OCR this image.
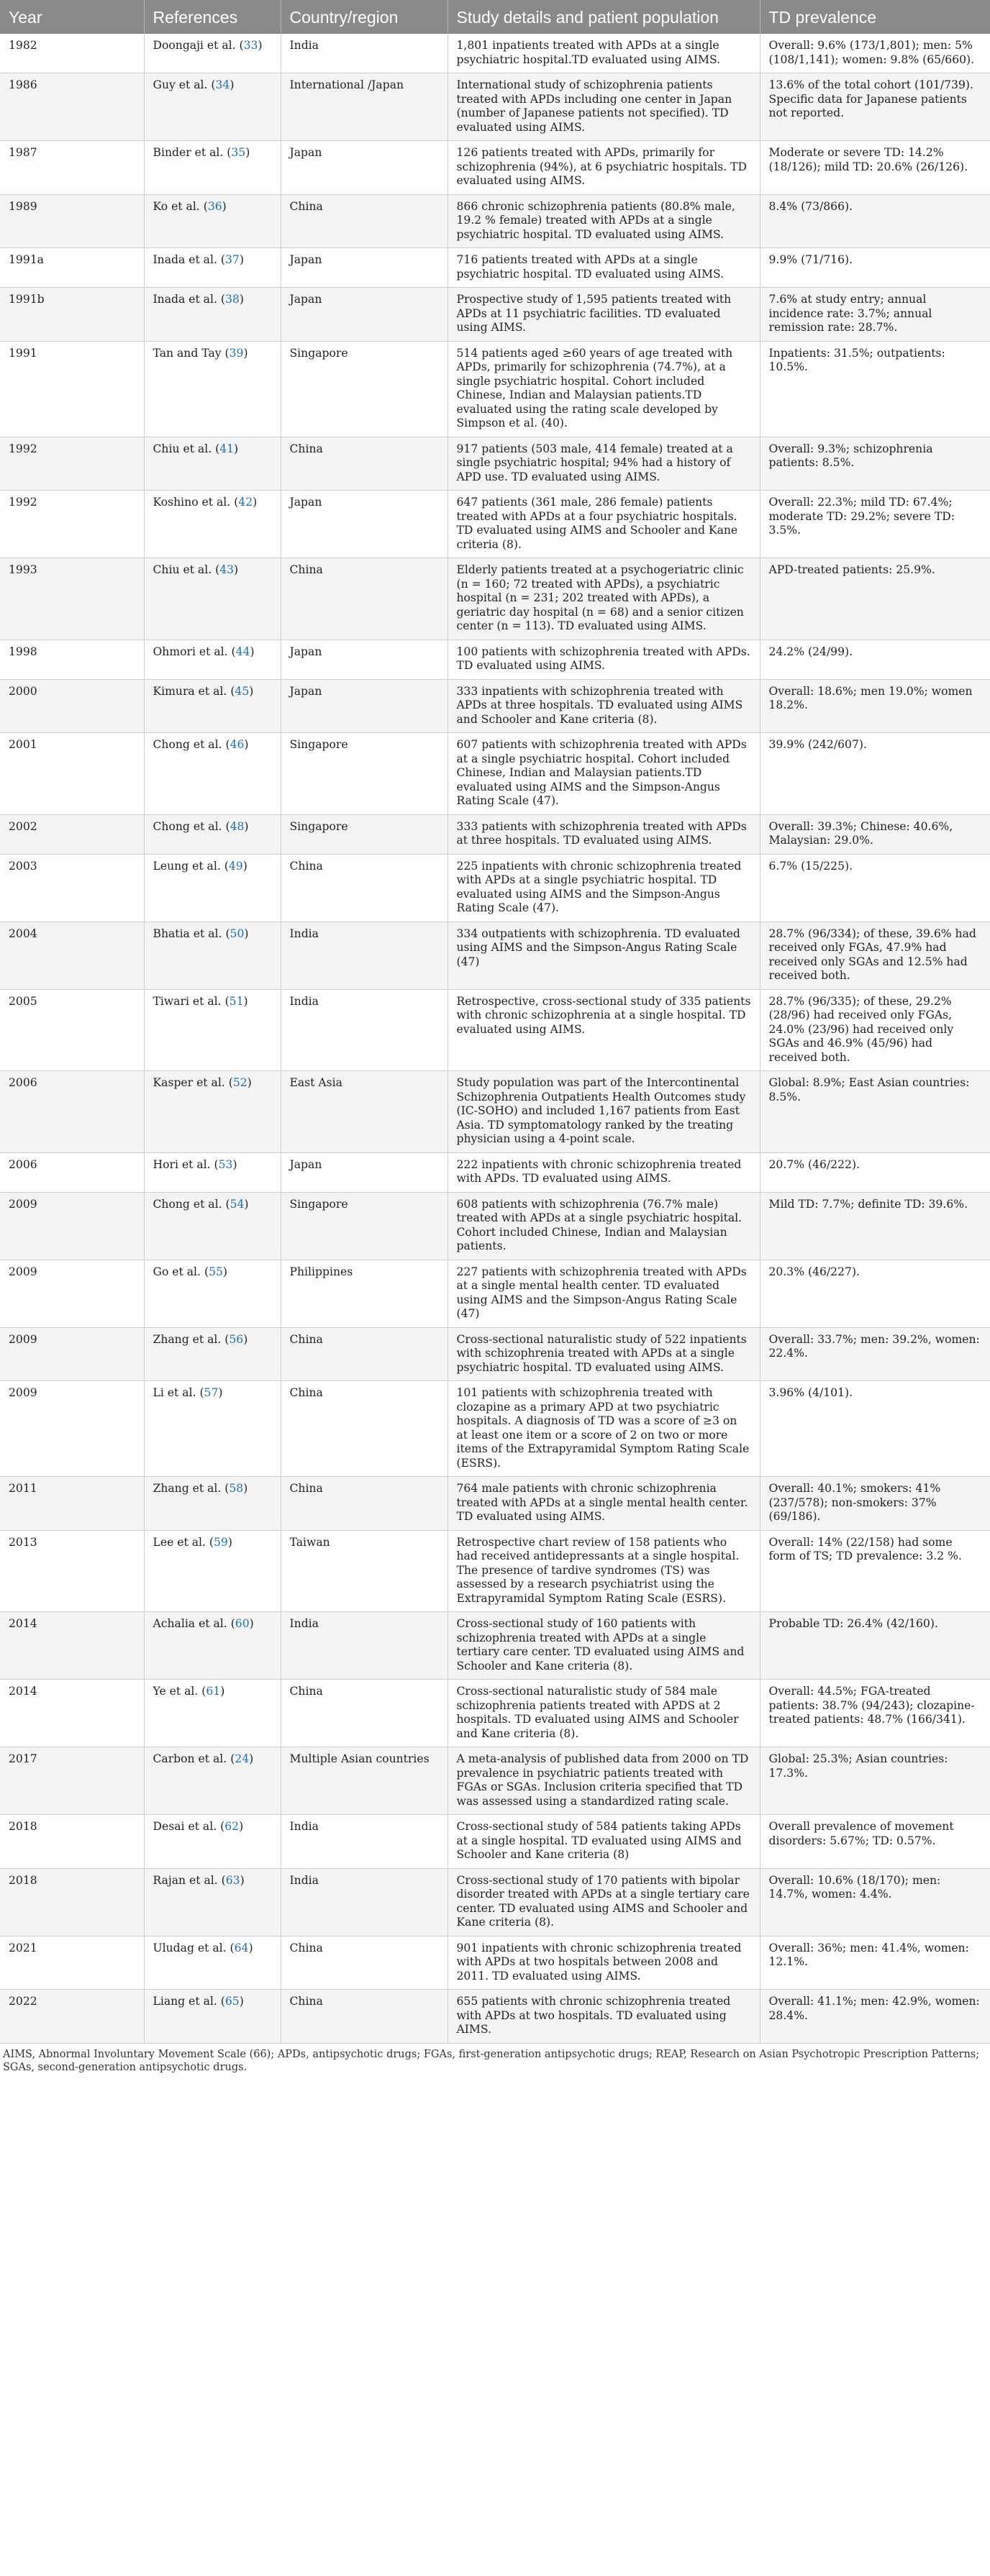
Year	References	Country/region	Study details and patient population	TD prevalence
1982	Doongaji et al. (33)	India	1,801 inpatients treated with APDs at a single psychiatric hospital.TD evaluated using AIMS.	Overall: 9.6% (173/1,801); men: 5% (108/1,141); women: 9.8% (65/660).
1986	Guy et al. (34)	International /Japan	International study of schizophrenia patients treated with APDs including one center in Japan (number of Japanese patients not specified). TD evaluated using AIMS.	13.6% of the total cohort (101/739). Specific data for Japanese patients not reported.
1987	Binder et al. (35)	Japan	126 patients treated with APDs, primarily for schizophrenia (94%), at 6 psychiatric hospitals. TD evaluated using AIMS.	Moderate or severe TD: 14.2% (18/126); mild TD: 20.6% (26/126).
1989	Ko et al. (36)	China	866 chronic schizophrenia patients (80.8% male, 19.2 % female) treated with APDs at a single psychiatric hospital. TD evaluated using AIMS.	8.4% (73/866).
1991a	Inada et al. (37)	Japan	716 patients treated with APDs at a single psychiatric hospital. TD evaluated using AIMS.	9.9% (71/716).
1991b	Inada et al. (38)	Japan	Prospective study of 1,595 patients treated with APDs at 11 psychiatric facilities. TD evaluated using AIMS.	7.6% at study entry; annual incidence rate: 3.7%; annual remission rate: 28.7%.
1991	Tan and Tay (39)	Singapore	514 patients aged ≥60 years of age treated with APDs, primarily for schizophrenia (74.7%), at a single psychiatric hospital. Cohort included Chinese, Indian and Malaysian patients.TD evaluated using the rating scale developed by Simpson et al. (40).	Inpatients: 31.5%; outpatients: 10.5%.
1992	Chiu et al. (41)	China	917 patients (503 male, 414 female) treated at a single psychiatric hospital; 94% had a history of APD use. TD evaluated using AIMS.	Overall: 9.3%; schizophrenia patients: 8.5%.
1992	Koshino et al. (42)	Japan	647 patients (361 male, 286 female) patients treated with APDs at a four psychiatric hospitals. TD evaluated using AIMS and Schooler and Kane criteria (8).	Overall: 22.3%; mild TD: 67.4%; moderate TD: 29.2%; severe TD: 3.5%.
1993	Chiu et al. (43)	China	Elderly patients treated at a psychogeriatric clinic (n = 160; 72 treated with APDs), a psychiatric hospital (n = 231; 202 treated with APDs), a geriatric day hospital (n = 68) and a senior citizen center (n = 113). TD evaluated using AIMS.	APD-treated patients: 25.9%.
1998	Ohmori et al. (44)	Japan	100 patients with schizophrenia treated with APDs. TD evaluated using AIMS.	24.2% (24/99).
2000	Kimura et al. (45)	Japan	333 inpatients with schizophrenia treated with APDs at three hospitals. TD evaluated using AIMS and Schooler and Kane criteria (8).	Overall: 18.6%; men 19.0%; women 18.2%.
2001	Chong et al. (46)	Singapore	607 patients with schizophrenia treated with APDs at a single psychiatric hospital. Cohort included Chinese, Indian and Malaysian patients.TD evaluated using AIMS and the Simpson-Angus Rating Scale (47).	39.9% (242/607).
2002	Chong et al. (48)	Singapore	333 patients with schizophrenia treated with APDs at three hospitals. TD evaluated using AIMS.	Overall: 39.3%; Chinese: 40.6%, Malaysian: 29.0%.
2003	Leung et al. (49)	China	225 inpatients with chronic schizophrenia treated with APDs at a single psychiatric hospital. TD evaluated using AIMS and the Simpson-Angus Rating Scale (47).	6.7% (15/225).
2004	Bhatia et al. (50)	India	334 outpatients with schizophrenia. TD evaluated using AIMS and the Simpson-Angus Rating Scale (47)	28.7% (96/334); of these, 39.6% had received only FGAs, 47.9% had received only SGAs and 12.5% had received both.
2005	Tiwari et al. (51)	India	Retrospective, cross-sectional study of 335 patients with chronic schizophrenia at a single hospital. TD evaluated using AIMS.	28.7% (96/335); of these, 29.2% (28/96) had received only FGAs, 24.0% (23/96) had received only SGAs and 46.9% (45/96) had received both.
2006	Kasper et al. (52)	East Asia	Study population was part of the Intercontinental Schizophrenia Outpatients Health Outcomes study (IC-SOHO) and included 1,167 patients from East Asia. TD symptomatology ranked by the treating physician using a 4-point scale.	Global: 8.9%; East Asian countries: 8.5%.
2006	Hori et al. (53)	Japan	222 inpatients with chronic schizophrenia treated with APDs. TD evaluated using AIMS.	20.7% (46/222).
2009	Chong et al. (54)	Singapore	608 patients with schizophrenia (76.7% male) treated with APDs at a single psychiatric hospital. Cohort included Chinese, Indian and Malaysian patients.	Mild TD: 7.7%; definite TD: 39.6%.
2009	Go et al. (55)	Philippines	227 patients with schizophrenia treated with APDs at a single mental health center. TD evaluated using AIMS and the Simpson-Angus Rating Scale (47)	20.3% (46/227).
2009	Zhang et al. (56)	China	Cross-sectional naturalistic study of 522 inpatients with schizophrenia treated with APDs at a single psychiatric hospital. TD evaluated using AIMS.	Overall: 33.7%; men: 39.2%, women: 22.4%.
2009	Li et al. (57)	China	101 patients with schizophrenia treated with clozapine as a primary APD at two psychiatric hospitals. A diagnosis of TD was a score of ≥3 on at least one item or a score of 2 on two or more items of the Extrapyramidal Symptom Rating Scale (ESRS).	3.96% (4/101).
2011	Zhang et al. (58)	China	764 male patients with chronic schizophrenia treated with APDs at a single mental health center. TD evaluated using AIMS.	Overall: 40.1%; smokers: 41% (237/578); non-smokers: 37% (69/186).
2013	Lee et al. (59)	Taiwan	Retrospective chart review of 158 patients who had received antidepressants at a single hospital. The presence of tardive syndromes (TS) was assessed by a research psychiatrist using the Extrapyramidal Symptom Rating Scale (ESRS).	Overall: 14% (22/158) had some form of TS; TD prevalence: 3.2 %.
2014	Achalia et al. (60)	India	Cross-sectional study of 160 patients with schizophrenia treated with APDs at a single tertiary care center. TD evaluated using AIMS and Schooler and Kane criteria (8).	Probable TD: 26.4% (42/160).
2014	Ye et al. (61)	China	Cross-sectional naturalistic study of 584 male schizophrenia patients treated with APDS at 2 hospitals. TD evaluated using AIMS and Schooler and Kane criteria (8).	Overall: 44.5%; FGA-treated patients: 38.7% (94/243); clozapine-treated patients: 48.7% (166/341).
2017	Carbon et al. (24)	Multiple Asian countries	A meta-analysis of published data from 2000 on TD prevalence in psychiatric patients treated with FGAs or SGAs. Inclusion criteria specified that TD was assessed using a standardized rating scale.	Global: 25.3%; Asian countries: 17.3%.
2018	Desai et al. (62)	India	Cross-sectional study of 584 patients taking APDs at a single hospital. TD evaluated using AIMS and Schooler and Kane criteria (8)	Overall prevalence of movement disorders: 5.67%; TD: 0.57%.
2018	Rajan et al. (63)	India	Cross-sectional study of 170 patients with bipolar disorder treated with APDs at a single tertiary care center. TD evaluated using AIMS and Schooler and Kane criteria (8).	Overall: 10.6% (18/170); men: 14.7%, women: 4.4%.
2021	Uludag et al. (64)	China	901 inpatients with chronic schizophrenia treated with APDs at two hospitals between 2008 and 2011. TD evaluated using AIMS.	Overall: 36%; men: 41.4%, women: 12.1%.
2022	Liang et al. (65)	China	655 patients with chronic schizophrenia treated with APDs at two hospitals. TD evaluated using AIMS.	Overall: 41.1%; men: 42.9%, women: 28.4%.
AIMS, Abnormal Involuntary Movement Scale (66); APDs, antipsychotic drugs; FGAs, first-generation antipsychotic drugs; REAP, Research on Asian Psychotropic Prescription Patterns; SGAs, second-generation antipsychotic drugs.
